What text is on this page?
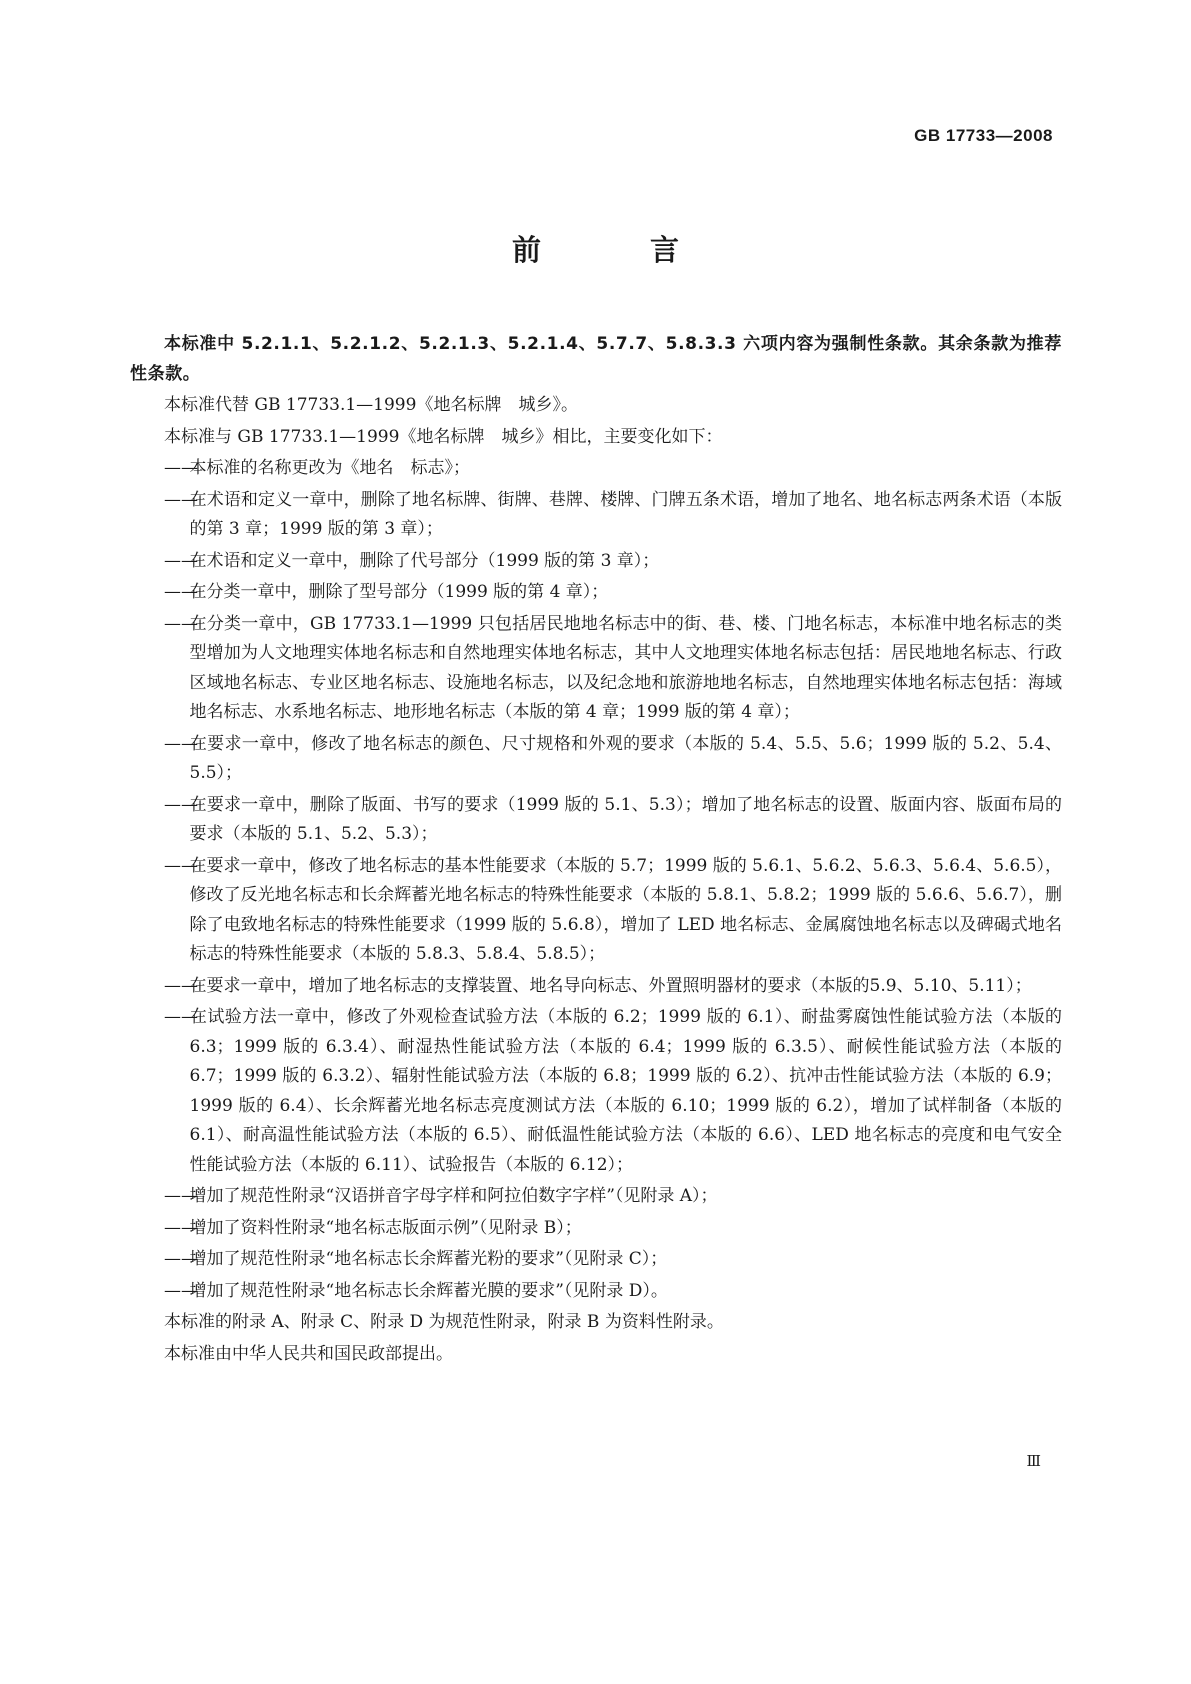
GB 17733—2008
前　言

本标准中 5.2.1.1、5.2.1.2、5.2.1.3、5.2.1.4、5.7.7、5.8.3.3 六项内容为强制性条款。其余条款为推荐性条款。

本标准代替 GB 17733.1—1999《地名标牌　城乡》。

本标准与 GB 17733.1—1999《地名标牌　城乡》相比，主要变化如下：

——本标准的名称更改为《地名　标志》；
——在术语和定义一章中，删除了地名标牌、街牌、巷牌、楼牌、门牌五条术语，增加了地名、地名标志两条术语（本版的第 3 章；1999 版的第 3 章）；
——在术语和定义一章中，删除了代号部分（1999 版的第 3 章）；
——在分类一章中，删除了型号部分（1999 版的第 4 章）；
——在分类一章中，GB 17733.1—1999 只包括居民地地名标志中的街、巷、楼、门地名标志，本标准中地名标志的类型增加为人文地理实体地名标志和自然地理实体地名标志，其中人文地理实体地名标志包括：居民地地名标志、行政区域地名标志、专业区地名标志、设施地名标志，以及纪念地和旅游地地名标志，自然地理实体地名标志包括：海域地名标志、水系地名标志、地形地名标志（本版的第 4 章；1999 版的第 4 章）；
——在要求一章中，修改了地名标志的颜色、尺寸规格和外观的要求（本版的 5.4、5.5、5.6；1999 版的 5.2、5.4、5.5）；
——在要求一章中，删除了版面、书写的要求（1999 版的 5.1、5.3）；增加了地名标志的设置、版面内容、版面布局的要求（本版的 5.1、5.2、5.3）；
——在要求一章中，修改了地名标志的基本性能要求（本版的 5.7；1999 版的 5.6.1、5.6.2、5.6.3、5.6.4、5.6.5），修改了反光地名标志和长余辉蓄光地名标志的特殊性能要求（本版的 5.8.1、5.8.2；1999 版的 5.6.6、5.6.7），删除了电致地名标志的特殊性能要求（1999 版的 5.6.8），增加了 LED 地名标志、金属腐蚀地名标志以及碑碣式地名标志的特殊性能要求（本版的 5.8.3、5.8.4、5.8.5）；
——在要求一章中，增加了地名标志的支撑装置、地名导向标志、外置照明器材的要求（本版的5.9、5.10、5.11）；
——在试验方法一章中，修改了外观检查试验方法（本版的 6.2；1999 版的 6.1）、耐盐雾腐蚀性能试验方法（本版的 6.3；1999 版的 6.3.4）、耐湿热性能试验方法（本版的 6.4；1999 版的 6.3.5）、耐候性能试验方法（本版的 6.7；1999 版的 6.3.2）、辐射性能试验方法（本版的 6.8；1999 版的 6.2）、抗冲击性能试验方法（本版的 6.9；1999 版的 6.4）、长余辉蓄光地名标志亮度测试方法（本版的 6.10；1999 版的 6.2），增加了试样制备（本版的 6.1）、耐高温性能试验方法（本版的 6.5）、耐低温性能试验方法（本版的 6.6）、LED 地名标志的亮度和电气安全性能试验方法（本版的 6.11）、试验报告（本版的 6.12）；
——增加了规范性附录“汉语拼音字母字样和阿拉伯数字字样”（见附录 A）；
——增加了资料性附录“地名标志版面示例”（见附录 B）；
——增加了规范性附录“地名标志长余辉蓄光粉的要求”（见附录 C）；
——增加了规范性附录“地名标志长余辉蓄光膜的要求”（见附录 D）。

本标准的附录 A、附录 C、附录 D 为规范性附录，附录 B 为资料性附录。

本标准由中华人民共和国民政部提出。

Ⅲ
